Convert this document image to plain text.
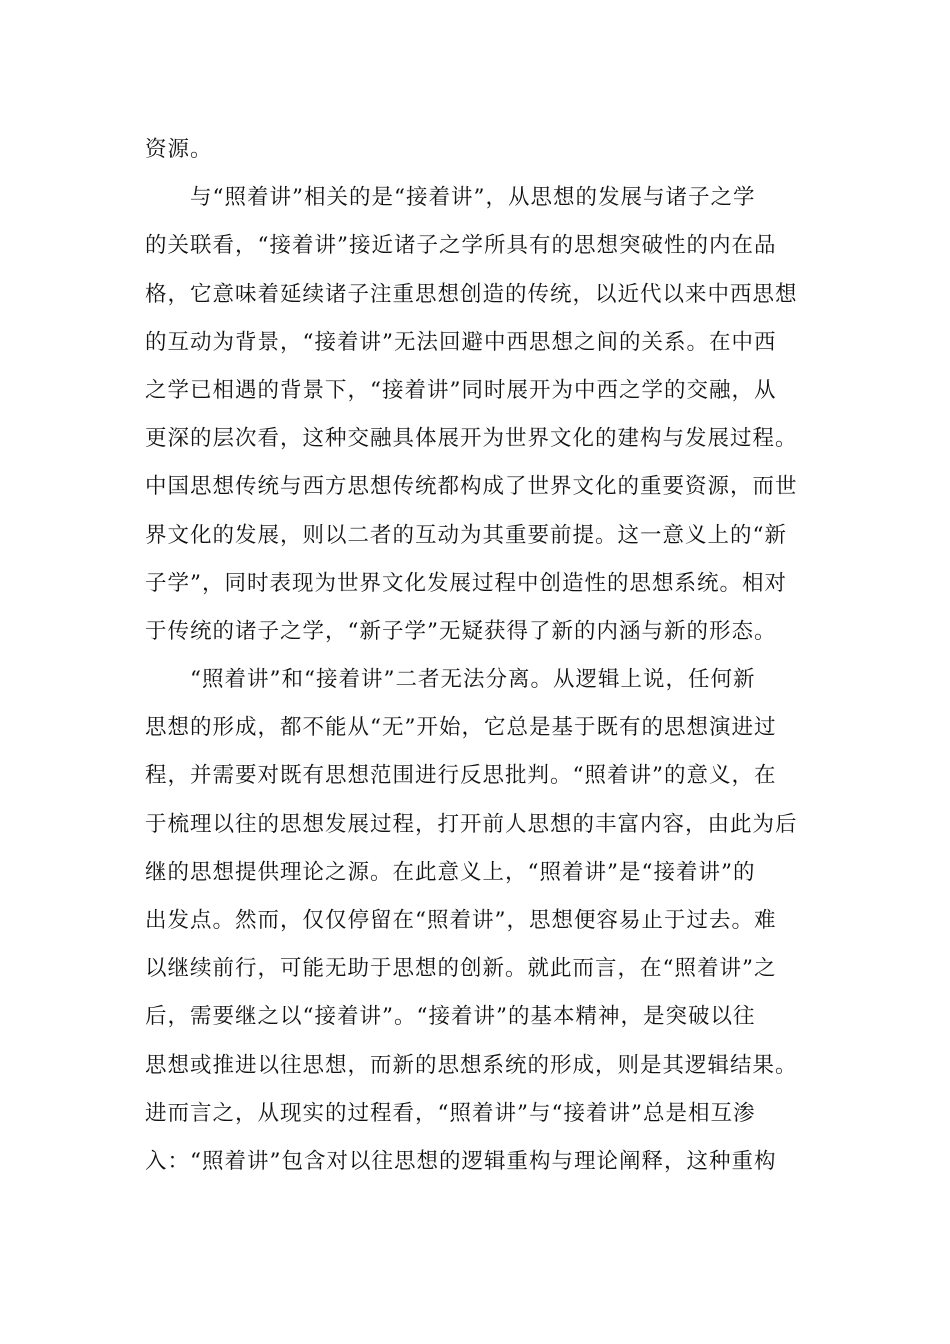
资源。
　　与“照着讲”相关的是“接着讲”，从思想的发展与诸子之学
的关联看，“接着讲”接近诸子之学所具有的思想突破性的内在品
格，它意味着延续诸子注重思想创造的传统，以近代以来中西思想
的互动为背景，“接着讲”无法回避中西思想之间的关系。在中西
之学已相遇的背景下，“接着讲”同时展开为中西之学的交融，从
更深的层次看，这种交融具体展开为世界文化的建构与发展过程。
中国思想传统与西方思想传统都构成了世界文化的重要资源，而世
界文化的发展，则以二者的互动为其重要前提。这一意义上的“新
子学”，同时表现为世界文化发展过程中创造性的思想系统。相对
于传统的诸子之学，“新子学”无疑获得了新的内涵与新的形态。
　　“照着讲”和“接着讲”二者无法分离。从逻辑上说，任何新
思想的形成，都不能从“无”开始，它总是基于既有的思想演进过
程，并需要对既有思想范围进行反思批判。“照着讲”的意义，在
于梳理以往的思想发展过程，打开前人思想的丰富内容，由此为后
继的思想提供理论之源。在此意义上，“照着讲”是“接着讲”的
出发点。然而，仅仅停留在“照着讲”，思想便容易止于过去。难
以继续前行，可能无助于思想的创新。就此而言，在“照着讲”之
后，需要继之以“接着讲”。“接着讲”的基本精神，是突破以往
思想或推进以往思想，而新的思想系统的形成，则是其逻辑结果。
进而言之，从现实的过程看，“照着讲”与“接着讲”总是相互渗
入：“照着讲”包含对以往思想的逻辑重构与理论阐释，这种重构
